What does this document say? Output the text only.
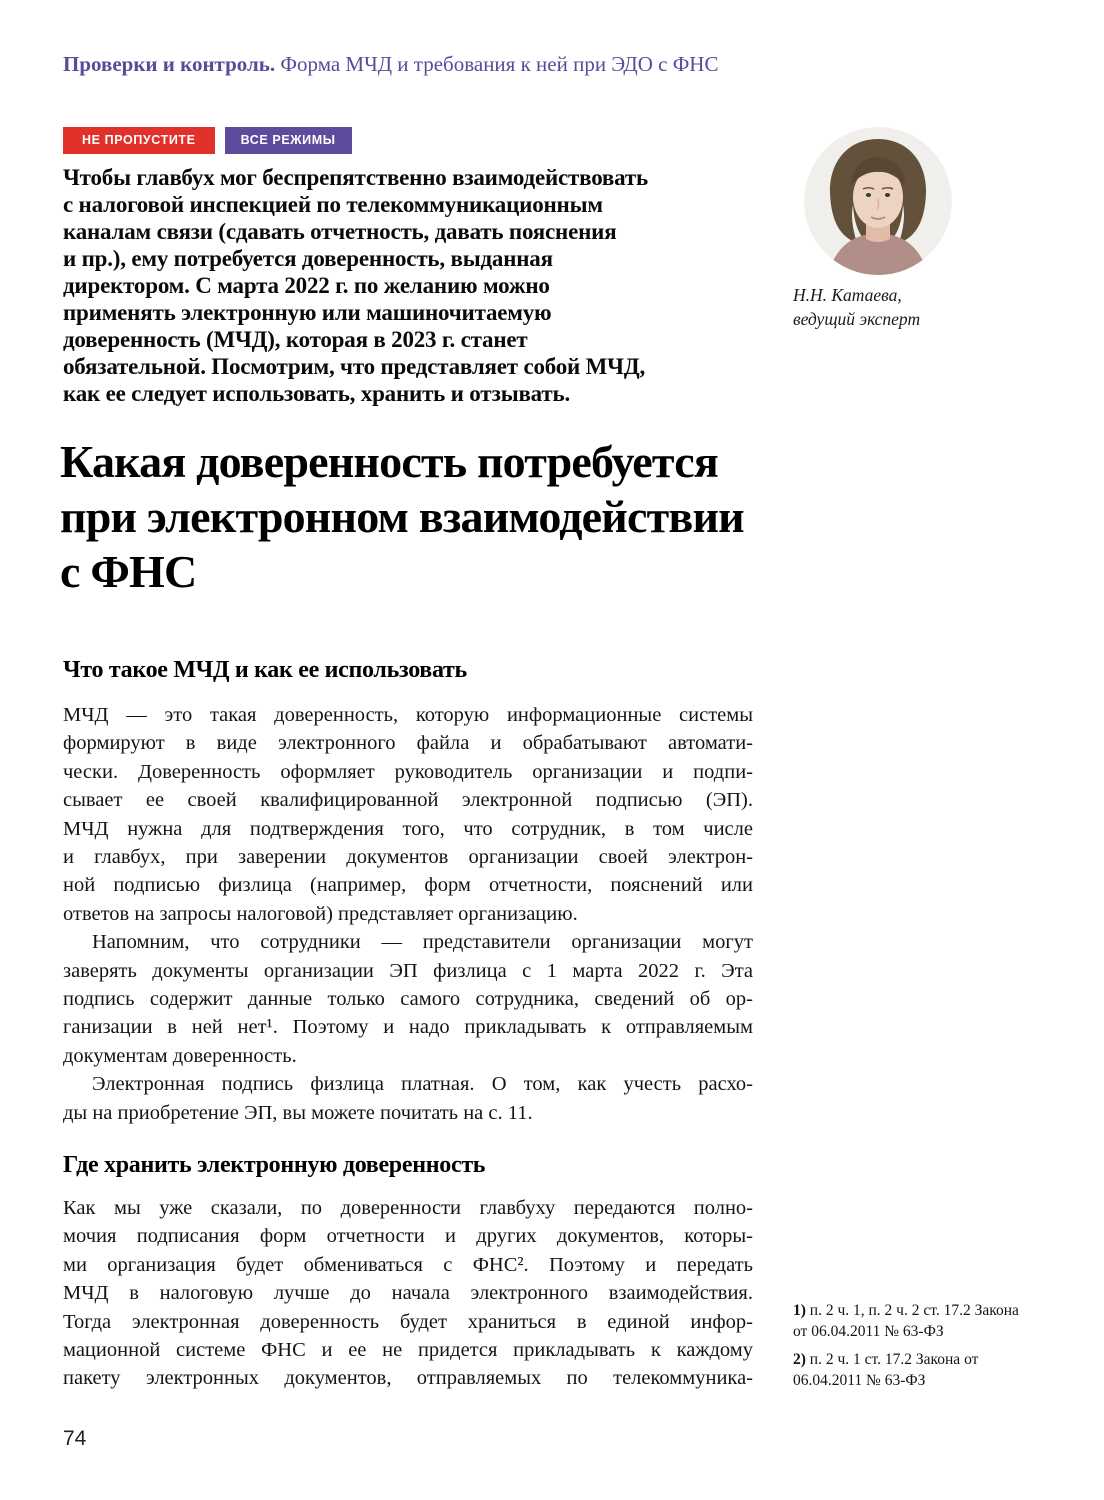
Проверки и контроль. Форма МЧД и требования к ней при ЭДО с ФНС
НЕ ПРОПУСТИТЕ	ВСЕ РЕЖИМЫ
Чтобы главбух мог беспрепятственно взаимодействовать
с налоговой инспекцией по телекоммуникационным
каналам связи (сдавать отчетность, давать пояснения
и пр.), ему потребуется доверенность, выданная
директором. С марта 2022 г. по желанию можно
применять электронную или машиночитаемую
доверенность (МЧД), которая в 2023 г. станет
обязательной. Посмотрим, что представляет собой МЧД,
как ее следует использовать, хранить и отзывать.
Н.Н. Катаева,
ведущий эксперт
Какая доверенность потребуется
при электронном взаимодействии
с ФНС
Что такое МЧД и как ее использовать
МЧД — это такая доверенность, которую информационные системы
формируют в виде электронного файла и обрабатывают автомати-
чески. Доверенность оформляет руководитель организации и подпи-
сывает ее своей квалифицированной электронной подписью (ЭП).
МЧД нужна для подтверждения того, что сотрудник, в том числе
и главбух, при заверении документов организации своей электрон-
ной подписью физлица (например, форм отчетности, пояснений или
ответов на запросы налоговой) представляет организацию.
Напомним, что сотрудники — представители организации могут
заверять документы организации ЭП физлица с 1 марта 2022 г. Эта
подпись содержит данные только самого сотрудника, сведений об ор-
ганизации в ней нет¹. Поэтому и надо прикладывать к отправляемым
документам доверенность.
Электронная подпись физлица платная. О том, как учесть расхо-
ды на приобретение ЭП, вы можете почитать на с. 11.
Где хранить электронную доверенность
Как мы уже сказали, по доверенности главбуху передаются полно-
мочия подписания форм отчетности и других документов, которы-
ми организация будет обмениваться с ФНС². Поэтому и передать
МЧД в налоговую лучше до начала электронного взаимодействия.
Тогда электронная доверенность будет храниться в единой инфор-
мационной системе ФНС и ее не придется прикладывать к каждому
пакету электронных документов, отправляемых по телекоммуника-
1) п. 2 ч. 1, п. 2 ч. 2 ст. 17.2 Закона от 06.04.2011 № 63-ФЗ
2) п. 2 ч. 1 ст. 17.2 Закона от 06.04.2011 № 63-ФЗ
74
